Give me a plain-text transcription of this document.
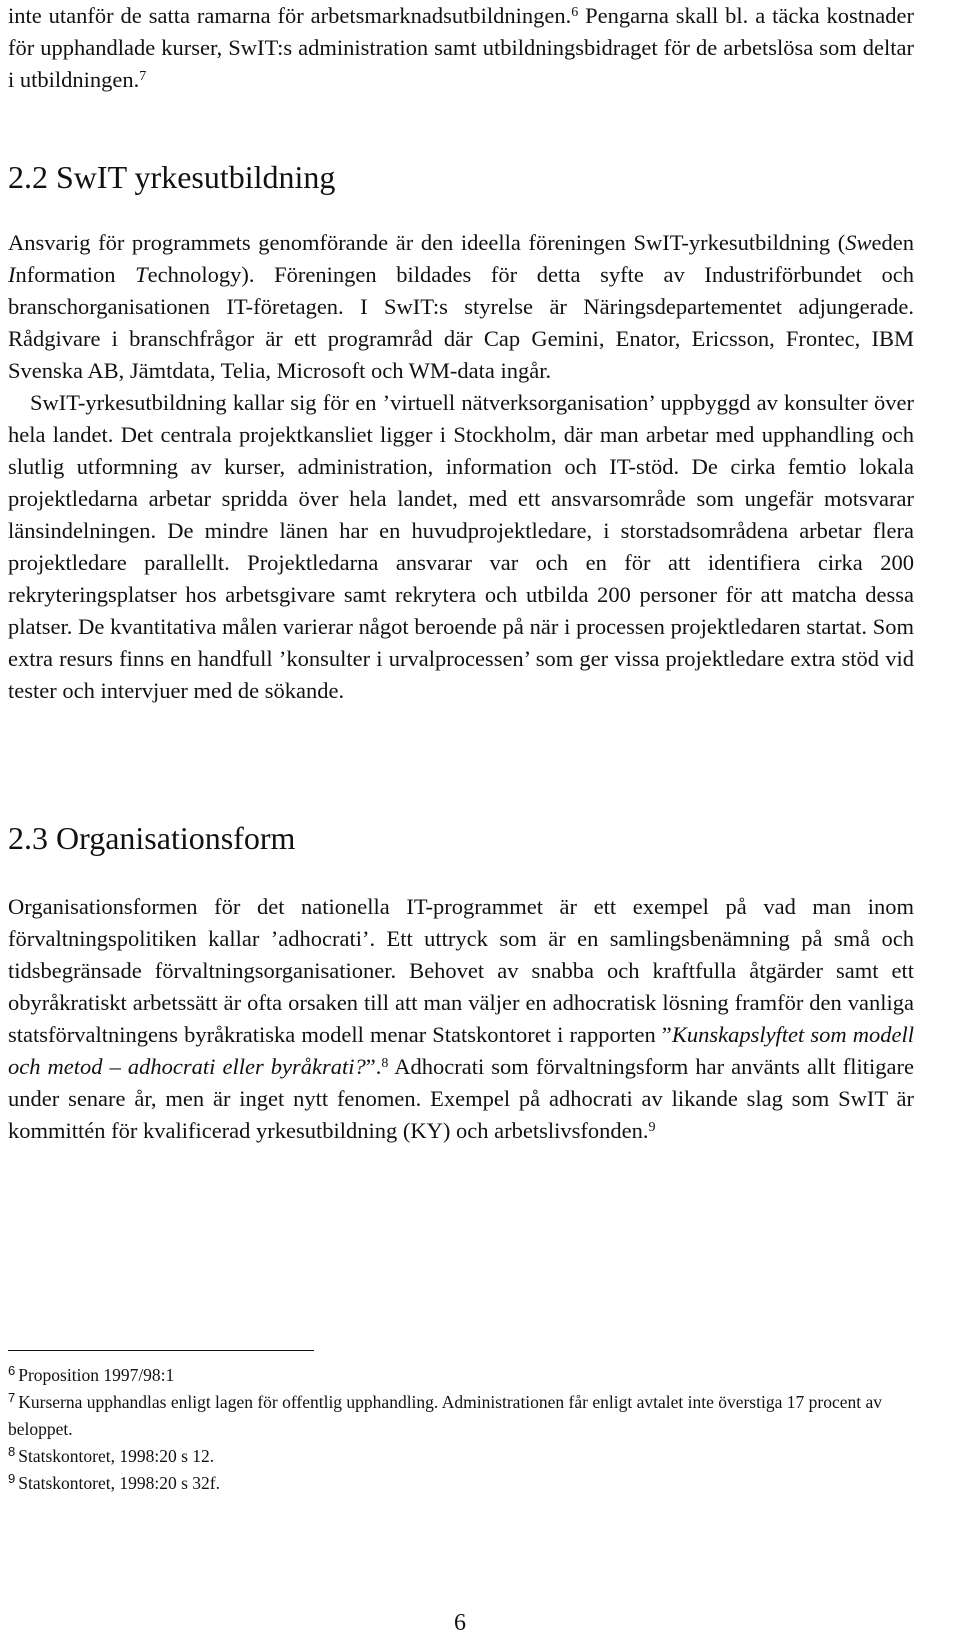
inte utanför de satta ramarna för arbetsmarknadsutbildningen.$^6$ Pengarna skall bl. a täcka kostnader för upphandlade kurser, SwIT:s administration samt utbildningsbidraget för de arbetslösa som deltar i utbildningen.$^7$

2.2 SwIT yrkesutbildning

Ansvarig för programmets genomförande är den ideella föreningen SwIT-yrkesutbildning (Sweden Information Technology). Föreningen bildades för detta syfte av Industriförbundet och branschorganisationen IT-företagen. I SwIT:s styrelse är Näringsdepartementet adjungerade. Rådgivare i branschfrågor är ett programråd där Cap Gemini, Enator, Ericsson, Frontec, IBM Svenska AB, Jämtdata, Telia, Microsoft och WM-data ingår.

SwIT-yrkesutbildning kallar sig för en ’virtuell nätverksorganisation’ uppbyggd av konsulter över hela landet. Det centrala projektkansliet ligger i Stockholm, där man arbetar med upphandling och slutlig utformning av kurser, administration, information och IT-stöd. De cirka femtio lokala projektledarna arbetar spridda över hela landet, med ett ansvarsområde som ungefär motsvarar länsindelningen. De mindre länen har en huvudprojektledare, i storstadsområdena arbetar flera projektledare parallellt. Projektledarna ansvarar var och en för att identifiera cirka 200 rekryteringsplatser hos arbetsgivare samt rekrytera och utbilda 200 personer för att matcha dessa platser. De kvantitativa målen varierar något beroende på när i processen projektledaren startat. Som extra resurs finns en handfull ’konsulter i urvalprocessen’ som ger vissa projektledare extra stöd vid tester och intervjuer med de sökande.

2.3 Organisationsform

Organisationsformen för det nationella IT-programmet är ett exempel på vad man inom förvaltningspolitiken kallar ’adhocrati’. Ett uttryck som är en samlingsbenämning på små och tidsbegränsade förvaltningsorganisationer. Behovet av snabba och kraftfulla åtgärder samt ett obyråkratiskt arbetssätt är ofta orsaken till att man väljer en adhocratisk lösning framför den vanliga statsförvaltningens byråkratiska modell menar Statskontoret i rapporten ”Kunskapslyftet som modell och metod – adhocrati eller byråkrati?”.$^8$ Adhocrati som förvaltningsform har använts allt flitigare under senare år, men är inget nytt fenomen. Exempel på adhocrati av likande slag som SwIT är kommittén för kvalificerad yrkesutbildning (KY) och arbetslivsfonden.$^9$

$^6$ Proposition 1997/98:1

$^7$ Kurserna upphandlas enligt lagen för offentlig upphandling. Administrationen får enligt avtalet inte överstiga 17 procent av beloppet.

$^8$ Statskontoret, 1998:20 s 12.

$^9$ Statskontoret, 1998:20 s 32f.

6
